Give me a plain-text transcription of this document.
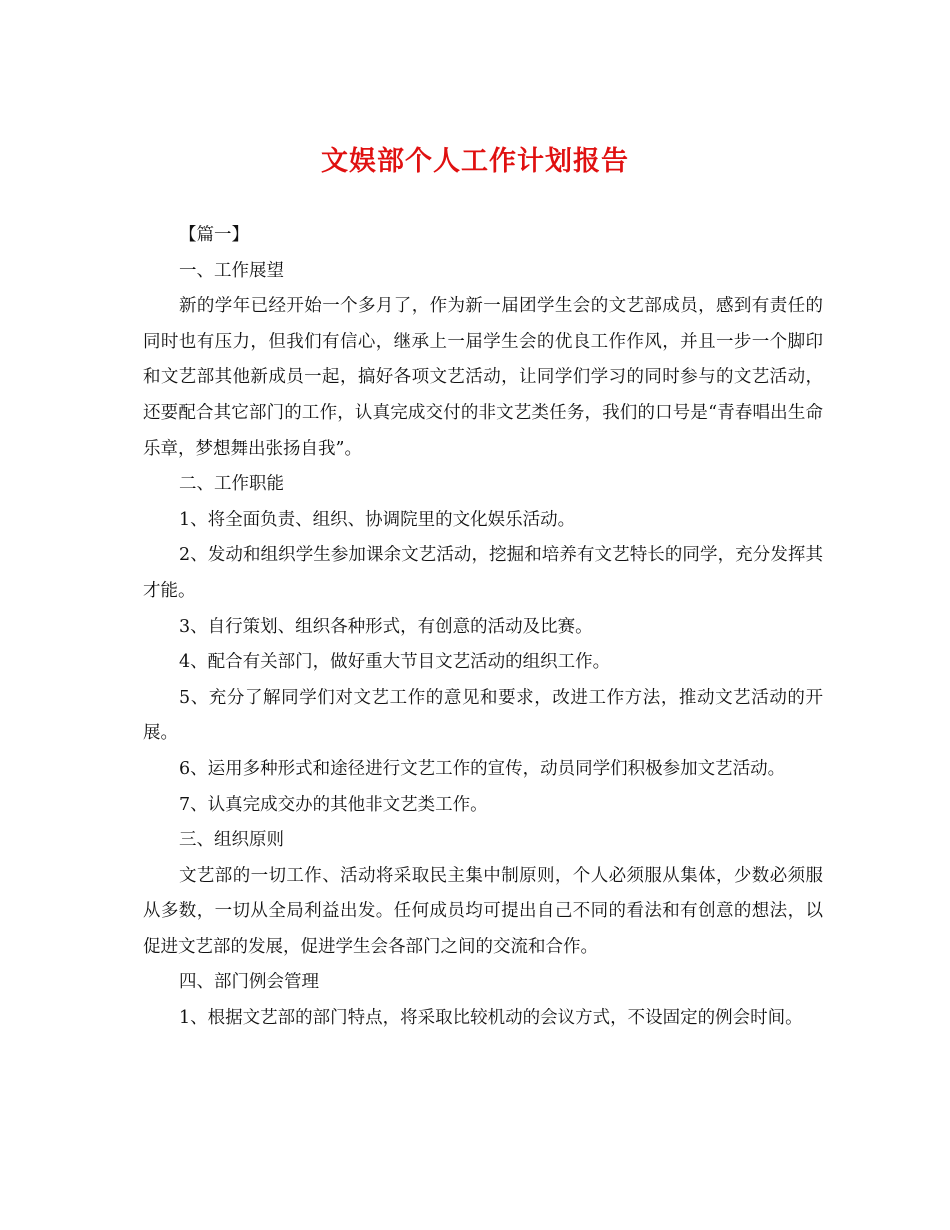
文娱部个人工作计划报告

【篇一】

一、工作展望

新的学年已经开始一个多月了，作为新一届团学生会的文艺部成员，感到有责任的同时也有压力，但我们有信心，继承上一届学生会的优良工作作风，并且一步一个脚印和文艺部其他新成员一起，搞好各项文艺活动，让同学们学习的同时参与的文艺活动，还要配合其它部门的工作，认真完成交付的非文艺类任务，我们的口号是“青春唱出生命乐章，梦想舞出张扬自我”。

二、工作职能

1、将全面负责、组织、协调院里的文化娱乐活动。

2、发动和组织学生参加课余文艺活动，挖掘和培养有文艺特长的同学，充分发挥其才能。

3、自行策划、组织各种形式，有创意的活动及比赛。

4、配合有关部门，做好重大节目文艺活动的组织工作。

5、充分了解同学们对文艺工作的意见和要求，改进工作方法，推动文艺活动的开展。

6、运用多种形式和途径进行文艺工作的宣传，动员同学们积极参加文艺活动。

7、认真完成交办的其他非文艺类工作。

三、组织原则

文艺部的一切工作、活动将采取民主集中制原则，个人必须服从集体，少数必须服从多数，一切从全局利益出发。任何成员均可提出自己不同的看法和有创意的想法，以促进文艺部的发展，促进学生会各部门之间的交流和合作。

四、部门例会管理

1、根据文艺部的部门特点，将采取比较机动的会议方式，不设固定的例会时间。
